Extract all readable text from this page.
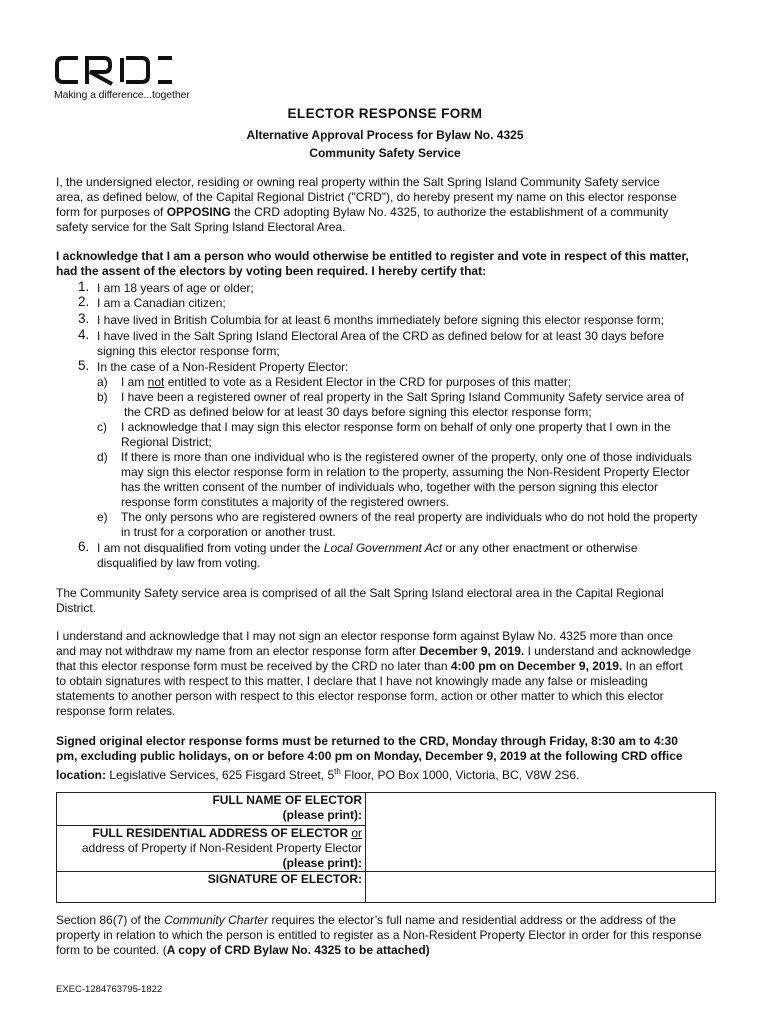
Making a difference...together
ELECTOR RESPONSE FORM
Alternative Approval Process for Bylaw No. 4325
Community Safety Service
I, the undersigned elector, residing or owning real property within the Salt Spring Island Community Safety service
area, as defined below, of the Capital Regional District ("CRD"), do hereby present my name on this elector response
form for purposes of OPPOSING the CRD adopting Bylaw No. 4325, to authorize the establishment of a community
safety service for the Salt Spring Island Electoral Area.
I acknowledge that I am a person who would otherwise be entitled to register and vote in respect of this matter,
had the assent of the electors by voting been required. I hereby certify that:
1. I am 18 years of age or older;
2. I am a Canadian citizen;
3. I have lived in British Columbia for at least 6 months immediately before signing this elector response form;
4. I have lived in the Salt Spring Island Electoral Area of the CRD as defined below for at least 30 days before
signing this elector response form;
5. In the case of a Non-Resident Property Elector:
a) I am not entitled to vote as a Resident Elector in the CRD for purposes of this matter;
b) I have been a registered owner of real property in the Salt Spring Island Community Safety service area of
the CRD as defined below for at least 30 days before signing this elector response form;
c) I acknowledge that I may sign this elector response form on behalf of only one property that I own in the
Regional District;
d) If there is more than one individual who is the registered owner of the property, only one of those individuals
may sign this elector response form in relation to the property, assuming the Non-Resident Property Elector
has the written consent of the number of individuals who, together with the person signing this elector
response form constitutes a majority of the registered owners.
e) The only persons who are registered owners of the real property are individuals who do not hold the property
in trust for a corporation or another trust.
6. I am not disqualified from voting under the Local Government Act or any other enactment or otherwise
disqualified by law from voting.
The Community Safety service area is comprised of all the Salt Spring Island electoral area in the Capital Regional
District.
I understand and acknowledge that I may not sign an elector response form against Bylaw No. 4325 more than once
and may not withdraw my name from an elector response form after December 9, 2019. I understand and acknowledge
that this elector response form must be received by the CRD no later than 4:00 pm on December 9, 2019. In an effort
to obtain signatures with respect to this matter, I declare that I have not knowingly made any false or misleading
statements to another person with respect to this elector response form, action or other matter to which this elector
response form relates.
Signed original elector response forms must be returned to the CRD, Monday through Friday, 8:30 am to 4:30
pm, excluding public holidays, on or before 4:00 pm on Monday, December 9, 2019 at the following CRD office
location: Legislative Services, 625 Fisgard Street, 5th Floor, PO Box 1000, Victoria, BC, V8W 2S6.
FULL NAME OF ELECTOR
(please print):	

FULL RESIDENTIAL ADDRESS OF ELECTOR or
address of Property if Non-Resident Property Elector
(please print):	

SIGNATURE OF ELECTOR:	

Section 86(7) of the Community Charter requires the elector’s full name and residential address or the address of the
property in relation to which the person is entitled to register as a Non-Resident Property Elector in order for this response
form to be counted. (A copy of CRD Bylaw No. 4325 to be attached)
EXEC-1284763795-1822
